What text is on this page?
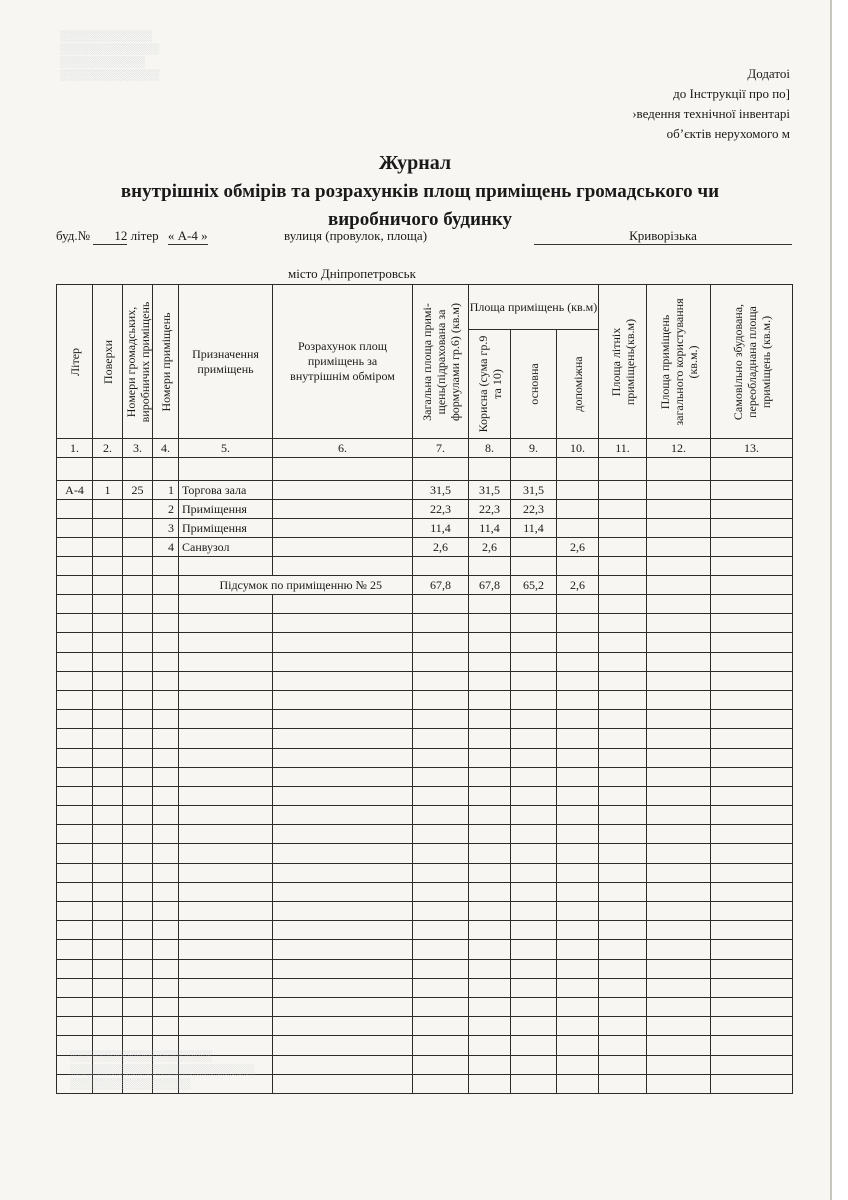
░░░░░░░░░░░░░
░░░░░░░░░░░░░░
░░░░░░░░░░░░
░░░░░░░░░░░░░░	Додатоі
до Інструкції про по]
›ведення технічної інвентарі
об’єктів нерухомого м
Журнал
внутрішніх обмірів та розрахунків площ приміщень громадського чи
виробничого будинку
буд.№ 12 літер « А-4 »	вулиця (провулок, площа)	Криворізька
місто Дніпропетровськ
Літер	Поверхи	Номери громадських, виробничих приміщень	Номери приміщень	Призначення приміщень	Розрахунок площ приміщень за внутрішнім обміром	Загальна площа примі-щень(підрахована за формулами гр.6) (кв.м)	Площа приміщень (кв.м)			Площа літніх приміщень(кв.м)	Площа приміщень загального користування (кв.м.)	Самовільно збудована, переобладнана площа приміщень (кв.м.)

							Корисна (сума гр.9 та 10)	основна	допоміжна			

1.	2.	3.	4.	5.	6.	7.	8.	9.	10.	11.	12.	13.

А-4	1	25	1	Торгова зала		31,5	31,5	31,5				
			2	Приміщення		22,3	22,3	22,3				
			3	Приміщення		11,4	11,4	11,4				
			4	Санвузол		2,6	2,6		2,6			

				Підсумок по приміщенню № 25		67,8	67,8	65,2	2,6			

░░░░░░░░░░░░░░░░░░░░
░░░░░░░░░░░░░░░░░░░░░░░░░░
░░░░░░░░░░░░░░░░░
